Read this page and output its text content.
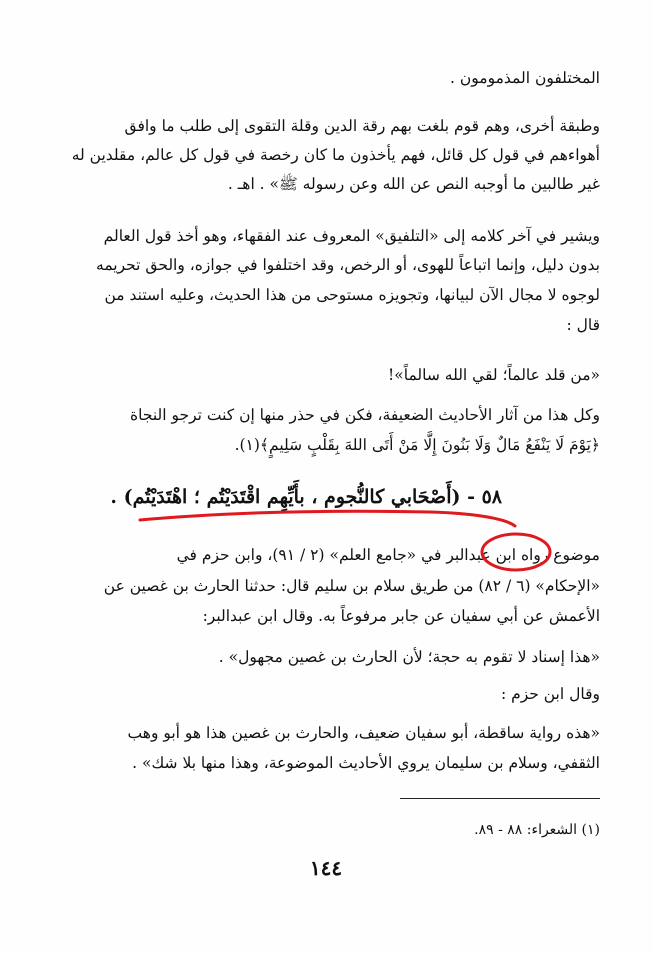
المختلفون المذمومون .
وطبقة أخرى، وهم قوم بلغت بهم رقة الدين وقلة التقوى إلى طلب ما وافق
أهواءهم في قول كل قائل، فهم يأخذون ما كان رخصة في قول كل عالم، مقلدين له
غير طالبين ما أوجبه النص عن الله وعن رسوله ﷺ» . اهـ .
ويشير في آخر كلامه إلى «التلفيق» المعروف عند الفقهاء، وهو أخذ قول العالم
بدون دليل، وإنما اتباعاً للهوى، أو الرخص، وقد اختلفوا في جوازه، والحق تحريمه
لوجوه لا مجال الآن لبيانها، وتجويزه مستوحى من هذا الحديث، وعليه استند من
قال :
«من قلد عالماً؛ لقي الله سالماً»!
وكل هذا من آثار الأحاديث الضعيفة، فكن في حذر منها إن كنت ترجو النجاة
﴿يَوْمَ لَا يَنْفَعُ مَالٌ وَلَا بَنُونَ إِلَّا مَنْ أَتَى اللهَ بِقَلْبٍ سَلِيمٍ﴾(١).
٥٨ - (أَصْحَابي كالنُّجوم ، بأَيِّهِم اقْتَدَيْتُم ؛ اهْتَدَيْتُم) .
موضوع رواه ابن عبدالبر في «جامع العلم» (٢ / ٩١)، وابن حزم في
«الإحكام» (٦ / ٨٢) من طريق سلام بن سليم قال: حدثنا الحارث بن غصين عن
الأعمش عن أبي سفيان عن جابر مرفوعاً به. وقال ابن عبدالبر:
«هذا إسناد لا تقوم به حجة؛ لأن الحارث بن غصين مجهول» .
وقال ابن حزم :
«هذه رواية ساقطة، أبو سفيان ضعيف، والحارث بن غصين هذا هو أبو وهب
الثقفي، وسلام بن سليمان يروي الأحاديث الموضوعة، وهذا منها بلا شك» .
(١) الشعراء: ٨٨ - ٨٩.
١٤٤
